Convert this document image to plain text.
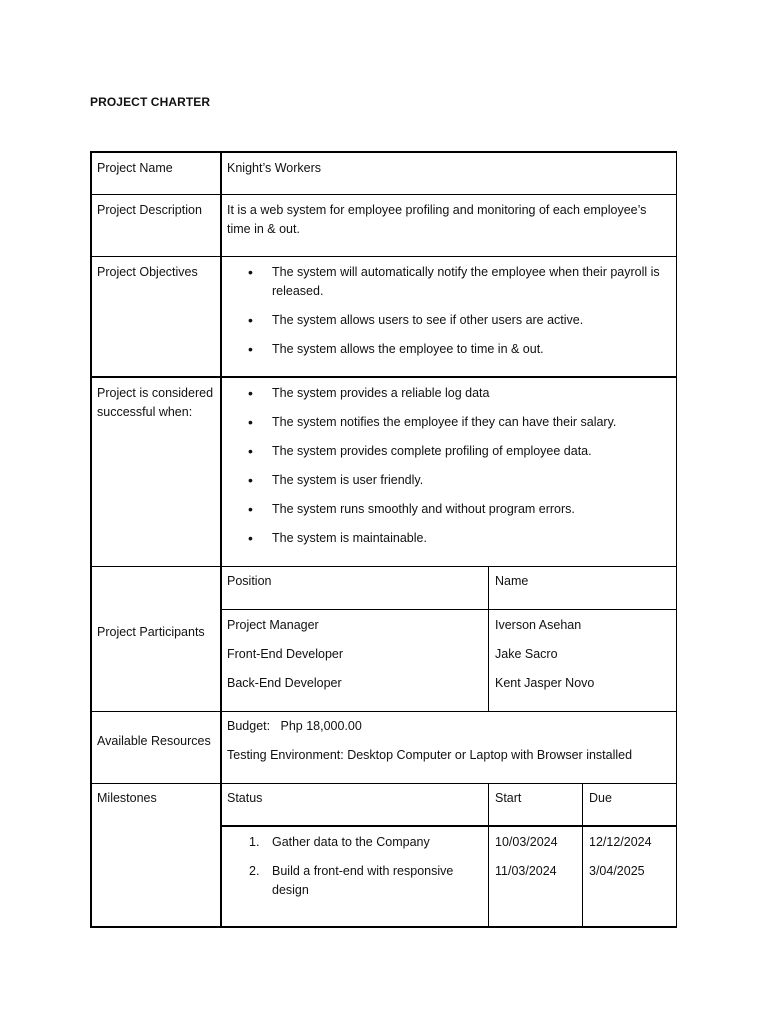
PROJECT CHARTER
Project Name	Knight’s Workers
Project Description It is a web system for employee profiling and monitoring of each employee’s time in & out.
Project Objectives
•	The system will automatically notify the employee when their payroll is released.
• The system allows users to see if other users are active.
• The system allows the employee to time in & out.
Project is considered successful when:
• The system provides a reliable log data
• The system notifies the employee if they can have their salary.
• The system provides complete profiling of employee data.
• The system is user friendly.
• The system runs smoothly and without program errors.
• The system is maintainable.
Project Participants
Position	Name
Project Manager	Iverson Asehan
Front-End Developer	Jake Sacro
Back-End Developer	Kent Jasper Novo
Available Resources
Budget:   Php 18,000.00
Testing Environment: Desktop Computer or Laptop with Browser installed
Milestones	Status	Start	Due
1. Gather data to the Company
2. Build a front-end with responsive design
10/03/2024	12/12/2024
11/03/2024	3/04/2025
